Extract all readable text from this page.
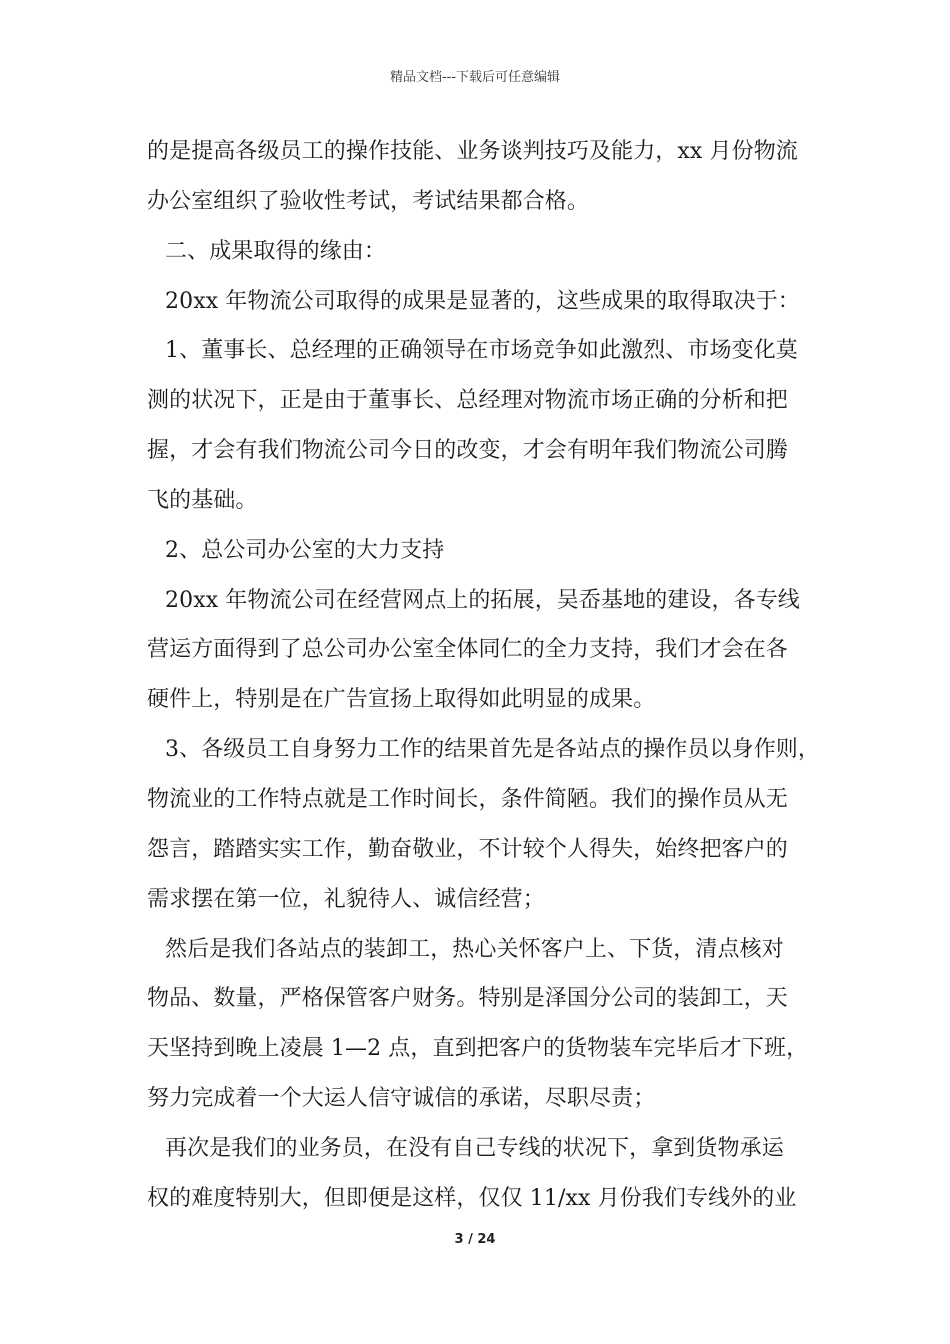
精品文档---下载后可任意编辑
的是提高各级员工的操作技能、业务谈判技巧及能力，xx 月份物流
办公室组织了验收性考试，考试结果都合格。
二、成果取得的缘由：
20xx 年物流公司取得的成果是显著的，这些成果的取得取决于：
1、董事长、总经理的正确领导在市场竞争如此激烈、市场变化莫
测的状况下，正是由于董事长、总经理对物流市场正确的分析和把
握，才会有我们物流公司今日的改变，才会有明年我们物流公司腾
飞的基础。
2、总公司办公室的大力支持
20xx 年物流公司在经营网点上的拓展，吴岙基地的建设，各专线
营运方面得到了总公司办公室全体同仁的全力支持，我们才会在各
硬件上，特别是在广告宣扬上取得如此明显的成果。
3、各级员工自身努力工作的结果首先是各站点的操作员以身作则，
物流业的工作特点就是工作时间长，条件简陋。我们的操作员从无
怨言，踏踏实实工作，勤奋敬业，不计较个人得失，始终把客户的
需求摆在第一位，礼貌待人、诚信经营；
然后是我们各站点的装卸工，热心关怀客户上、下货，清点核对
物品、数量，严格保管客户财务。特别是泽国分公司的装卸工，天
天坚持到晚上凌晨 1—2 点，直到把客户的货物装车完毕后才下班，
努力完成着一个大运人信守诚信的承诺，尽职尽责；
再次是我们的业务员，在没有自己专线的状况下，拿到货物承运
权的难度特别大，但即便是这样，仅仅 11/xx 月份我们专线外的业
3 / 24
